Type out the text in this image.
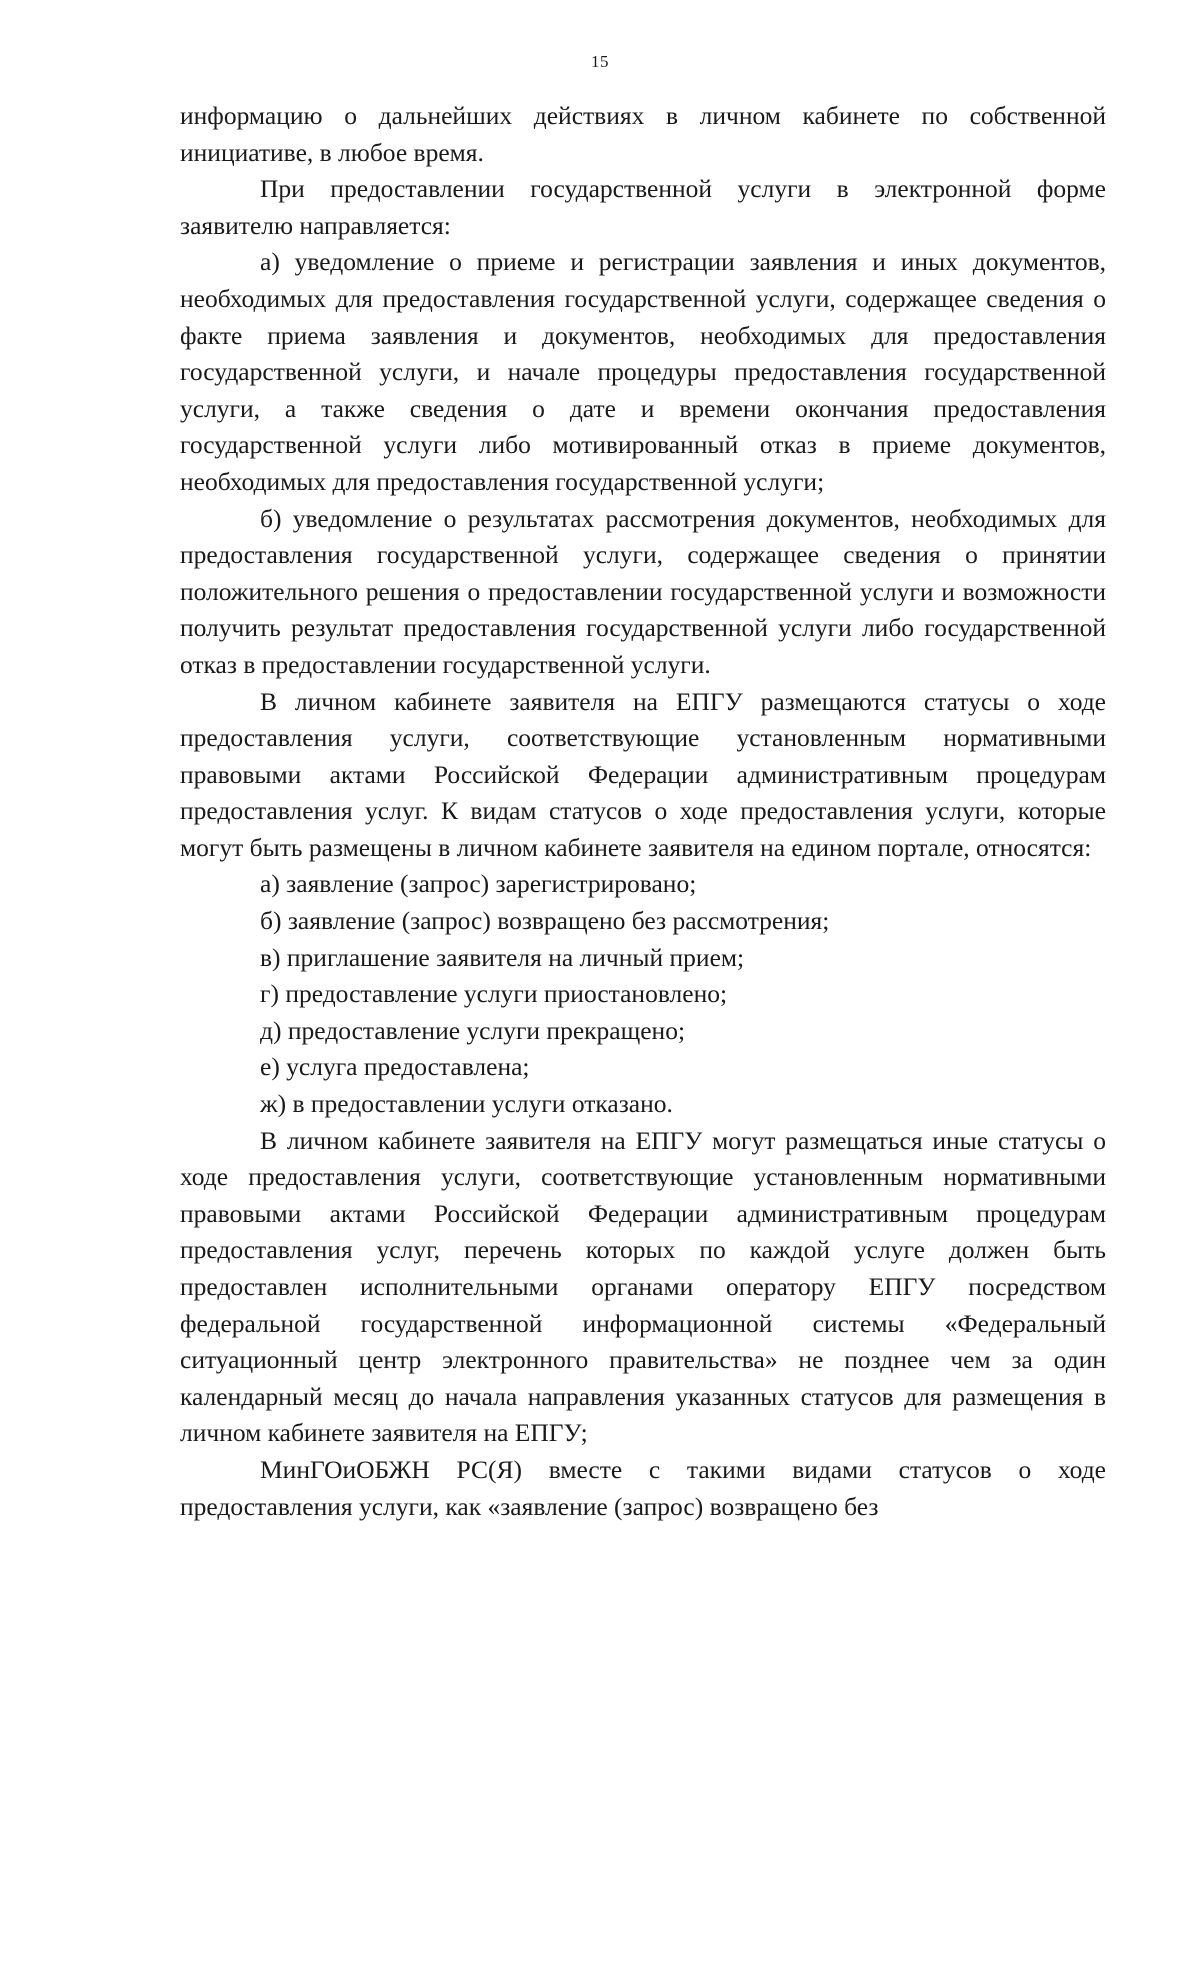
15

информацию о дальнейших действиях в личном кабинете по собственной инициативе, в любое время.

При предоставлении государственной услуги в электронной форме заявителю направляется:

а) уведомление о приеме и регистрации заявления и иных документов, необходимых для предоставления государственной услуги, содержащее сведения о факте приема заявления и документов, необходимых для предоставления государственной услуги, и начале процедуры предоставления государственной услуги, а также сведения о дате и времени окончания предоставления государственной услуги либо мотивированный отказ в приеме документов, необходимых для предоставления государственной услуги;

б) уведомление о результатах рассмотрения документов, необходимых для предоставления государственной услуги, содержащее сведения о принятии положительного решения о предоставлении государственной услуги и возможности получить результат предоставления государственной услуги либо государственной отказ в предоставлении государственной услуги.

В личном кабинете заявителя на ЕПГУ размещаются статусы о ходе предоставления услуги, соответствующие установленным нормативными правовыми актами Российской Федерации административным процедурам предоставления услуг. К видам статусов о ходе предоставления услуги, которые могут быть размещены в личном кабинете заявителя на едином портале, относятся:

а) заявление (запрос) зарегистрировано;

б) заявление (запрос) возвращено без рассмотрения;

в) приглашение заявителя на личный прием;

г) предоставление услуги приостановлено;

д) предоставление услуги прекращено;

е) услуга предоставлена;

ж) в предоставлении услуги отказано.

В личном кабинете заявителя на ЕПГУ могут размещаться иные статусы о ходе предоставления услуги, соответствующие установленным нормативными правовыми актами Российской Федерации административным процедурам предоставления услуг, перечень которых по каждой услуге должен быть предоставлен исполнительными органами оператору ЕПГУ посредством федеральной государственной информационной системы «Федеральный ситуационный центр электронного правительства» не позднее чем за один календарный месяц до начала направления указанных статусов для размещения в личном кабинете заявителя на ЕПГУ;

МинГОиОБЖН РС(Я) вместе с такими видами статусов о ходе предоставления услуги, как «заявление (запрос) возвращено без
